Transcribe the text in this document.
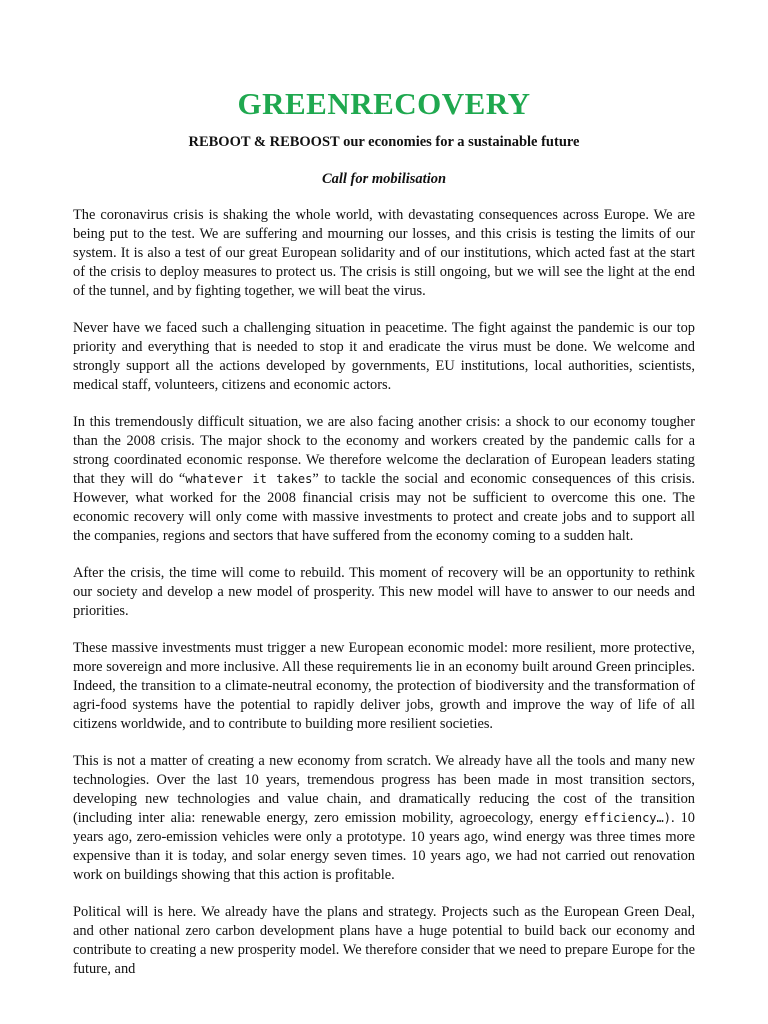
GREENRECOVERY

REBOOT & REBOOST our economies for a sustainable future

Call for mobilisation

The coronavirus crisis is shaking the whole world, with devastating consequences across Europe. We are being put to the test. We are suffering and mourning our losses, and this crisis is testing the limits of our system. It is also a test of our great European solidarity and of our institutions, which acted fast at the start of the crisis to deploy measures to protect us. The crisis is still ongoing, but we will see the light at the end of the tunnel, and by fighting together, we will beat the virus.

Never have we faced such a challenging situation in peacetime. The fight against the pandemic is our top priority and everything that is needed to stop it and eradicate the virus must be done. We welcome and strongly support all the actions developed by governments, EU institutions, local authorities, scientists, medical staff, volunteers, citizens and economic actors.

In this tremendously difficult situation, we are also facing another crisis: a shock to our economy tougher than the 2008 crisis. The major shock to the economy and workers created by the pandemic calls for a strong coordinated economic response. We therefore welcome the declaration of European leaders stating that they will do “whatever it takes” to tackle the social and economic consequences of this crisis. However, what worked for the 2008 financial crisis may not be sufficient to overcome this one. The economic recovery will only come with massive investments to protect and create jobs and to support all the companies, regions and sectors that have suffered from the economy coming to a sudden halt.

After the crisis, the time will come to rebuild. This moment of recovery will be an opportunity to rethink our society and develop a new model of prosperity. This new model will have to answer to our needs and priorities.

These massive investments must trigger a new European economic model: more resilient, more protective, more sovereign and more inclusive. All these requirements lie in an economy built around Green principles. Indeed, the transition to a climate-neutral economy, the protection of biodiversity and the transformation of agri-food systems have the potential to rapidly deliver jobs, growth and improve the way of life of all citizens worldwide, and to contribute to building more resilient societies.

This is not a matter of creating a new economy from scratch. We already have all the tools and many new technologies. Over the last 10 years, tremendous progress has been made in most transition sectors, developing new technologies and value chain, and dramatically reducing the cost of the transition (including inter alia: renewable energy, zero emission mobility, agroecology, energy efficiency…). 10 years ago, zero-emission vehicles were only a prototype. 10 years ago, wind energy was three times more expensive than it is today, and solar energy seven times. 10 years ago, we had not carried out renovation work on buildings showing that this action is profitable.

Political will is here. We already have the plans and strategy. Projects such as the European Green Deal, and other national zero carbon development plans have a huge potential to build back our economy and contribute to creating a new prosperity model. We therefore consider that we need to prepare Europe for the future, and
